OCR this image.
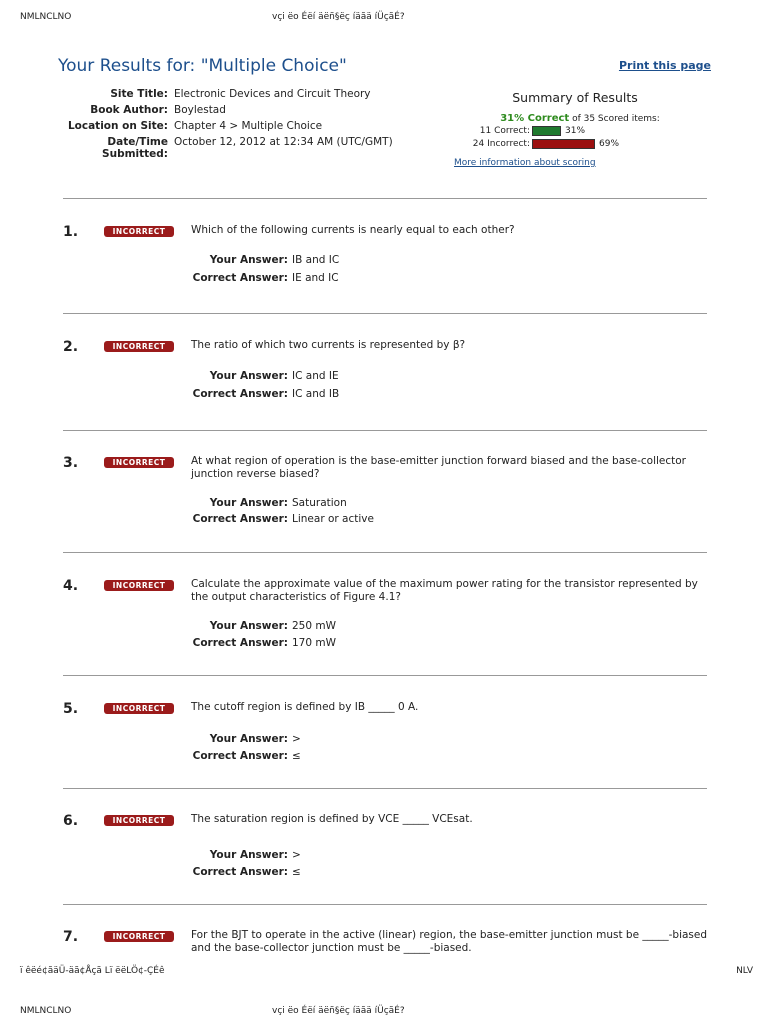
NMLNCLNO	vçi ëo Éëí äëñ§ëç íäãä íÜçãÉ?
Your Results for: "Multiple Choice"	Print this page
Site Title: Electronic Devices and Circuit Theory
Book Author: Boylestad
Location on Site: Chapter 4 > Multiple Choice
Date/Time Submitted:
October 12, 2012 at 12:34 AM (UTC/GMT)
Summary of Results
31% Correct of 35 Scored items:
11 Correct:	31%
24 Incorrect:	69%
More information about scoring
1.	INCORRECT	Which of the following currents is nearly equal to each other?
Your Answer: IB and IC
Correct Answer: IE and IC
2.	INCORRECT	The ratio of which two currents is represented by β?
Your Answer: IC and IE
Correct Answer: IC and IB
3.	INCORRECT	At what region of operation is the base-emitter junction forward biased and the base-collector junction reverse biased?
Your Answer: Saturation
Correct Answer: Linear or active
4.	INCORRECT	Calculate the approximate value of the maximum power rating for the transistor represented by the output characteristics of Figure 4.1?
Your Answer: 250 mW
Correct Answer: 170 mW
5.	INCORRECT	The cutoff region is defined by IB _____ 0 A.
Your Answer: >
Correct Answer: ≤
6.	INCORRECT	The saturation region is defined by VCE _____ VCEsat.
Your Answer: >
Correct Answer: ≤
7.	INCORRECT	For the BJT to operate in the active (linear) region, the base-emitter junction must be _____-biased and the base-collector junction must be _____-biased.
ï êëé¢ãäÜ-äã¢Åçã Lï ëëLÖ¢-ÇÉê	NLV
NMLNCLNO	vçi ëo Éëí äëñ§ëç íäãä íÜçãÉ?
